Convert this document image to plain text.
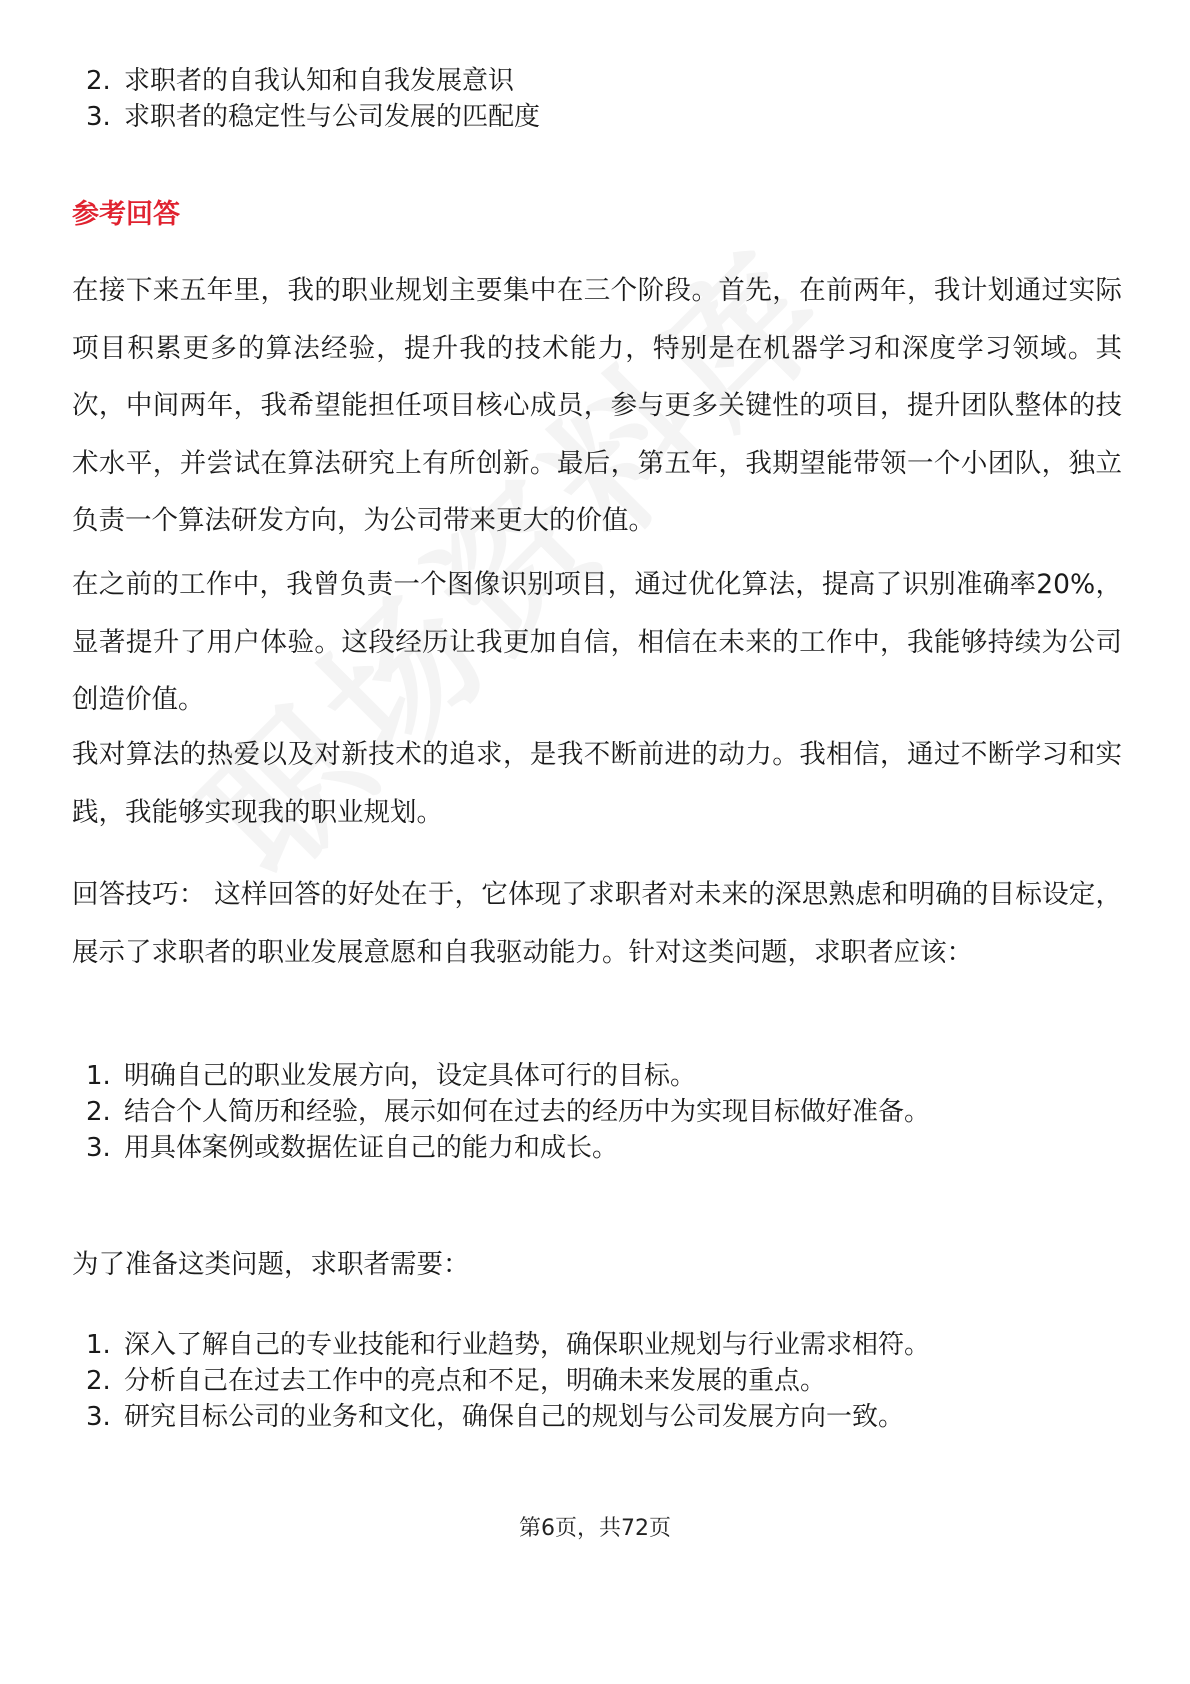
2. 求职者的自我认知和自我发展意识
3. 求职者的稳定性与公司发展的匹配度
参考回答

在接下来五年里，我的职业规划主要集中在三个阶段。首先，在前两年，我计划通过实际项目积累更多的算法经验，提升我的技术能力，特别是在机器学习和深度学习领域。其次，中间两年，我希望能担任项目核心成员，参与更多关键性的项目，提升团队整体的技术水平，并尝试在算法研究上有所创新。最后，第五年，我期望能带领一个小团队，独立负责一个算法研发方向，为公司带来更大的价值。

在之前的工作中，我曾负责一个图像识别项目，通过优化算法，提高了识别准确率20%，显著提升了用户体验。这段经历让我更加自信，相信在未来的工作中，我能够持续为公司创造价值。

我对算法的热爱以及对新技术的追求，是我不断前进的动力。我相信，通过不断学习和实践，我能够实现我的职业规划。

回答技巧： 这样回答的好处在于，它体现了求职者对未来的深思熟虑和明确的目标设定，展示了求职者的职业发展意愿和自我驱动能力。针对这类问题，求职者应该：

1. 明确自己的职业发展方向，设定具体可行的目标。
2. 结合个人简历和经验，展示如何在过去的经历中为实现目标做好准备。
3. 用具体案例或数据佐证自己的能力和成长。

为了准备这类问题，求职者需要：

1. 深入了解自己的专业技能和行业趋势，确保职业规划与行业需求相符。
2. 分析自己在过去工作中的亮点和不足，明确未来发展的重点。
3. 研究目标公司的业务和文化，确保自己的规划与公司发展方向一致。
第6页，共72页
